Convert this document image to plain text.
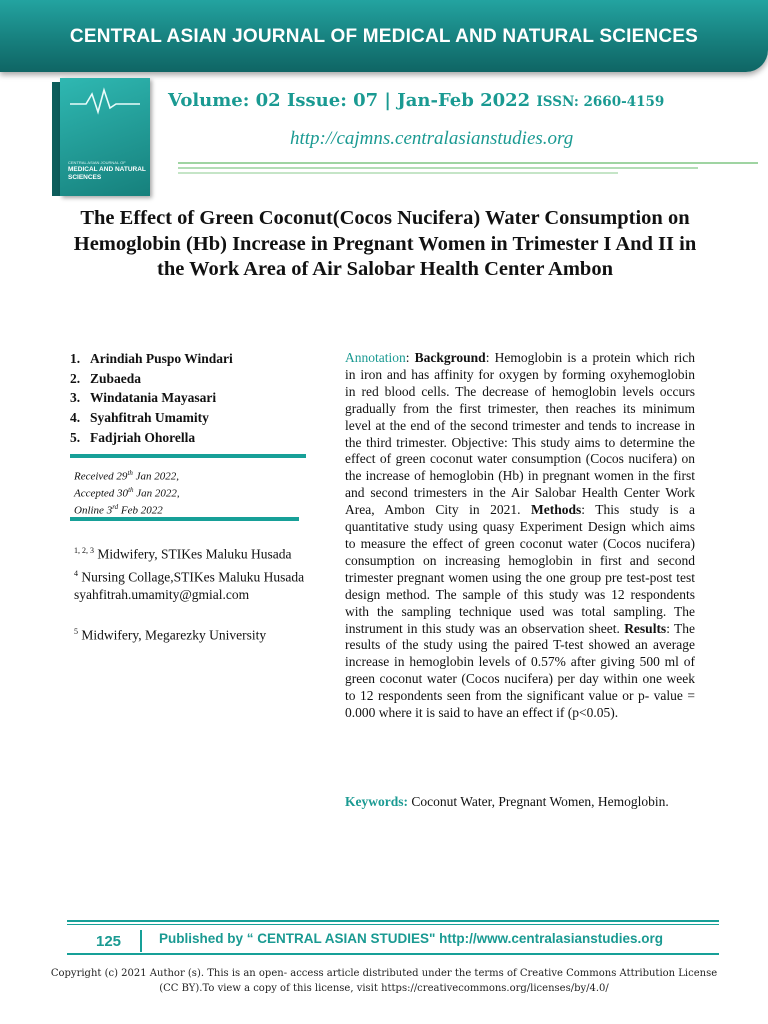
CENTRAL ASIAN JOURNAL OF MEDICAL AND NATURAL SCIENCES
CENTRAL ASIAN JOURNAL OF
MEDICAL AND NATURAL SCIENCES
Volume: 02 Issue: 07 | Jan-Feb 2022 ISSN: 2660-4159
http://cajmns.centralasianstudies.org
The Effect of Green Coconut(Cocos Nucifera) Water Consumption on Hemoglobin (Hb) Increase in Pregnant Women in Trimester I And II in the Work Area of Air Salobar Health Center Ambon
1. Arindiah Puspo Windari
2. Zubaeda
3. Windatania Mayasari
4. Syahfitrah Umamity
5. Fadjriah Ohorella
Received 29th Jan 2022,
Accepted 30th Jan 2022,
Online 3rd Feb 2022
$^{1, 2, 3}$ Midwifery, STIKes Maluku Husada
$^4$ Nursing Collage,STIKes Maluku Husada
syahfitrah.umamity@gmial.com
$^5$ Midwifery, Megarezky University
Annotation: Background: Hemoglobin is a protein which rich in iron and has affinity for oxygen by forming oxyhemoglobin in red blood cells. The decrease of hemoglobin levels occurs gradually from the first trimester, then reaches its minimum level at the end of the second trimester and tends to increase in the third trimester. Objective: This study aims to determine the effect of green coconut water consumption (Cocos nucifera) on the increase of hemoglobin (Hb) in pregnant women in the first and second trimesters in the Air Salobar Health Center Work Area, Ambon City in 2021. Methods: This study is a quantitative study using quasy Experiment Design which aims to measure the effect of green coconut water (Cocos nucifera) consumption on increasing hemoglobin in first and second trimester pregnant women using the one group pre test-post test design method. The sample of this study was 12 respondents with the sampling technique used was total sampling. The instrument in this study was an observation sheet. Results: The results of the study using the paired T-test showed an average increase in hemoglobin levels of 0.57% after giving 500 ml of green coconut water (Cocos nucifera) per day within one week to 12 respondents seen from the significant value or p- value = 0.000 where it is said to have an effect if (p<0.05).
Keywords: Coconut Water, Pregnant Women, Hemoglobin.
125	Published by “ CENTRAL ASIAN STUDIES" http://www.centralasianstudies.org
Copyright (c) 2021 Author (s). This is an open- access article distributed under the terms of Creative Commons Attribution License (CC BY).To view a copy of this license, visit https://creativecommons.org/licenses/by/4.0/
